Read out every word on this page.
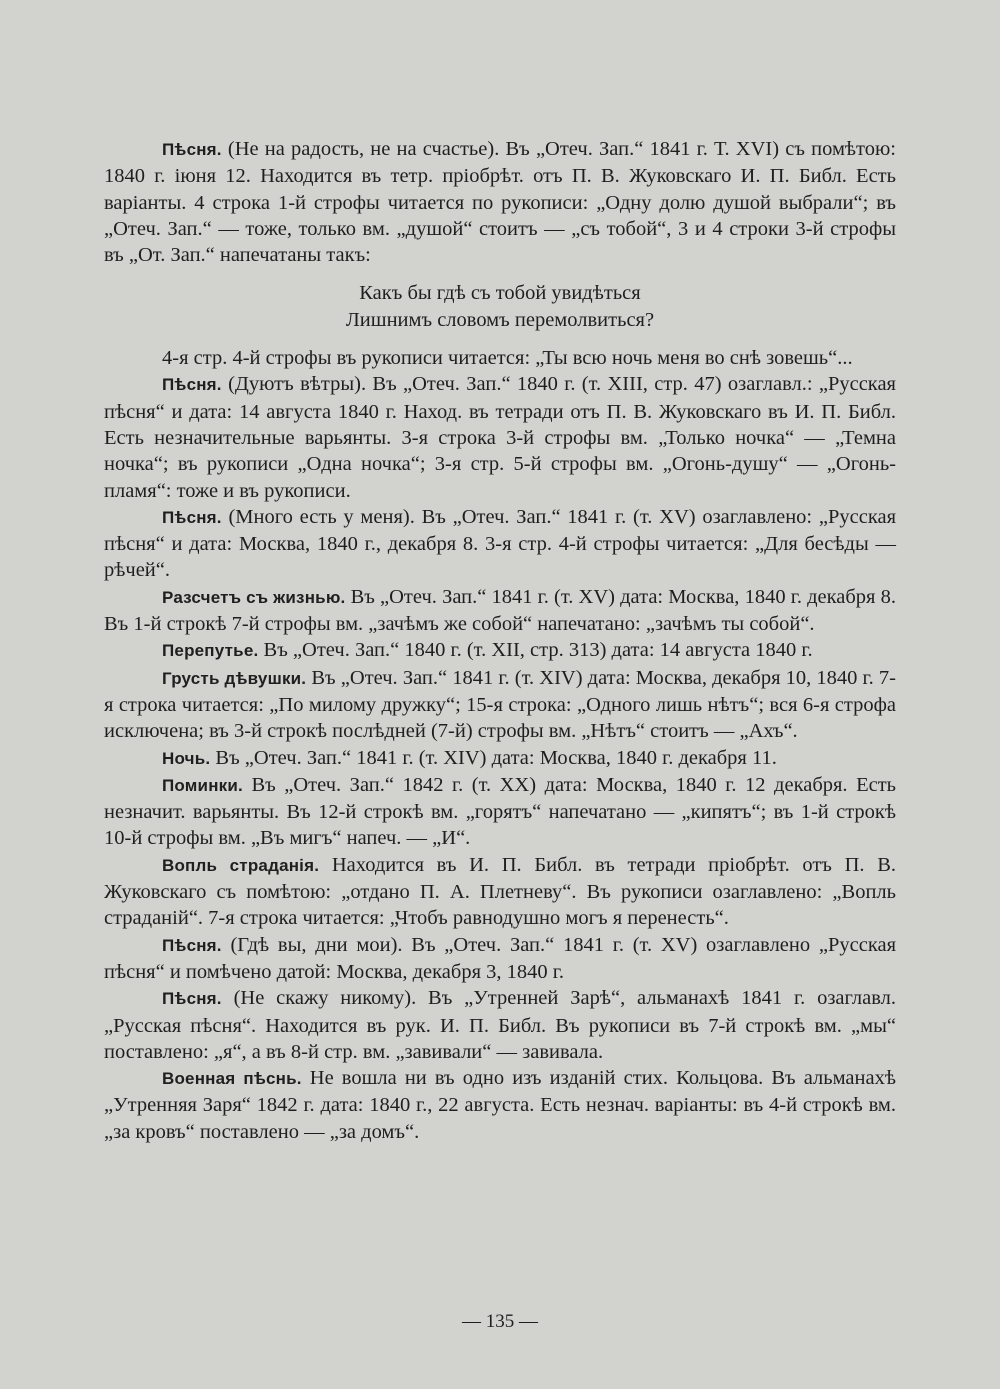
Пѣсня. (Не на радость, не на счастье). Въ „Отеч. Зап.“ 1841 г. Т. XVI) съ помѣтою: 1840 г. іюня 12. Находится въ тетр. пріобрѣт. отъ П. В. Жуковскаго И. П. Библ. Есть варіанты. 4 строка 1-й строфы читается по рукописи: „Одну долю душой выбрали“; въ „Отеч. Зап.“ — тоже, только вм. „душой“ стоитъ — „съ тобой“, 3 и 4 строки 3-й строфы въ „От. Зап.“ напечатаны такъ:

Какъ бы гдѣ съ тобой увидѣться
Лишнимъ словомъ перемолвиться?

4-я стр. 4-й строфы въ рукописи читается: „Ты всю ночь меня во снѣ зовешь“...

Пѣсня. (Дуютъ вѣтры). Въ „Отеч. Зап.“ 1840 г. (т. XIII, стр. 47) озаглавл.: „Русская пѣсня“ и дата: 14 августа 1840 г. Наход. въ тетради отъ П. В. Жуковскаго въ И. П. Библ. Есть незначительные варьянты. 3-я строка 3-й строфы вм. „Только ночка“ — „Темна ночка“; въ рукописи „Одна ночка“; 3-я стр. 5-й строфы вм. „Огонь-душу“ — „Огонь-пламя“: тоже и въ рукописи.

Пѣсня. (Много есть у меня). Въ „Отеч. Зап.“ 1841 г. (т. XV) озаглавлено: „Русская пѣсня“ и дата: Москва, 1840 г., декабря 8. 3-я стр. 4-й строфы читается: „Для бесѣды — рѣчей“.

Разсчетъ съ жизнью. Въ „Отеч. Зап.“ 1841 г. (т. XV) дата: Москва, 1840 г. декабря 8. Въ 1-й строкѣ 7-й строфы вм. „зачѣмъ же собой“ напечатано: „зачѣмъ ты собой“.

Перепутье. Въ „Отеч. Зап.“ 1840 г. (т. XII, стр. 313) дата: 14 августа 1840 г.

Грусть дѣвушки. Въ „Отеч. Зап.“ 1841 г. (т. XIV) дата: Москва, декабря 10, 1840 г. 7-я строка читается: „По милому дружку“; 15-я строка: „Одного лишь нѣтъ“; вся 6-я строфа исключена; въ 3-й строкѣ послѣдней (7-й) строфы вм. „Нѣтъ“ стоитъ — „Ахъ“.

Ночь. Въ „Отеч. Зап.“ 1841 г. (т. XIV) дата: Москва, 1840 г. декабря 11.

Поминки. Въ „Отеч. Зап.“ 1842 г. (т. XX) дата: Москва, 1840 г. 12 декабря. Есть незначит. варьянты. Въ 12-й строкѣ вм. „горятъ“ напечатано — „кипятъ“; въ 1-й строкѣ 10-й строфы вм. „Въ мигъ“ напеч. — „И“.

Вопль страданія. Находится въ И. П. Библ. въ тетради пріобрѣт. отъ П. В. Жуковскаго съ помѣтою: „отдано П. А. Плетневу“. Въ рукописи озаглавлено: „Вопль страданій“. 7-я строка читается: „Чтобъ равнодушно могъ я перенесть“.

Пѣсня. (Гдѣ вы, дни мои). Въ „Отеч. Зап.“ 1841 г. (т. XV) озаглавлено „Русская пѣсня“ и помѣчено датой: Москва, декабря 3, 1840 г.

Пѣсня. (Не скажу никому). Въ „Утренней Зарѣ“, альманахѣ 1841 г. озаглавл. „Русская пѣсня“. Находится въ рук. И. П. Библ. Въ рукописи въ 7-й строкѣ вм. „мы“ поставлено: „я“, а въ 8-й стр. вм. „завивали“ — завивала.

Военная пѣснь. Не вошла ни въ одно изъ изданій стих. Кольцова. Въ альманахѣ „Утренняя Заря“ 1842 г. дата: 1840 г., 22 августа. Есть незнач. варіанты: въ 4-й строкѣ вм. „за кровъ“ поставлено — „за домъ“.

— 135 —
